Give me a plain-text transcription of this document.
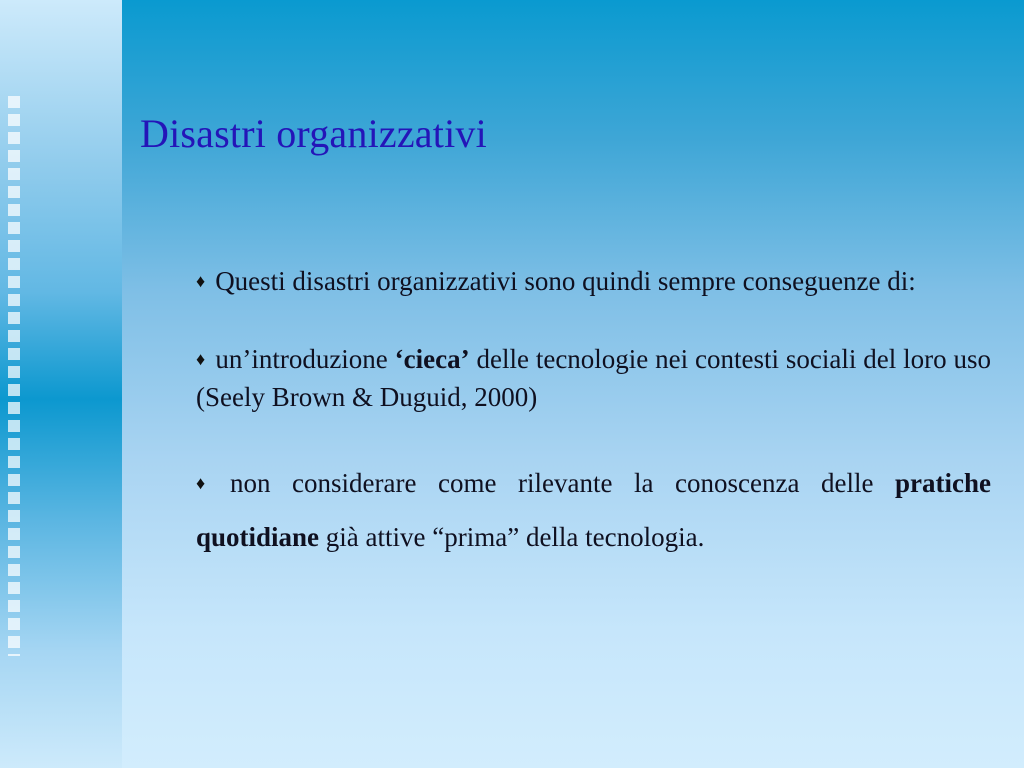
Disastri organizzativi

♦ Questi disastri organizzativi sono quindi sempre conseguenze di:

♦ un’introduzione ‘cieca’ delle tecnologie nei contesti sociali del loro uso (Seely Brown & Duguid, 2000)

♦ non considerare come rilevante la conoscenza delle pratiche quotidiane già attive “prima” della tecnologia.
